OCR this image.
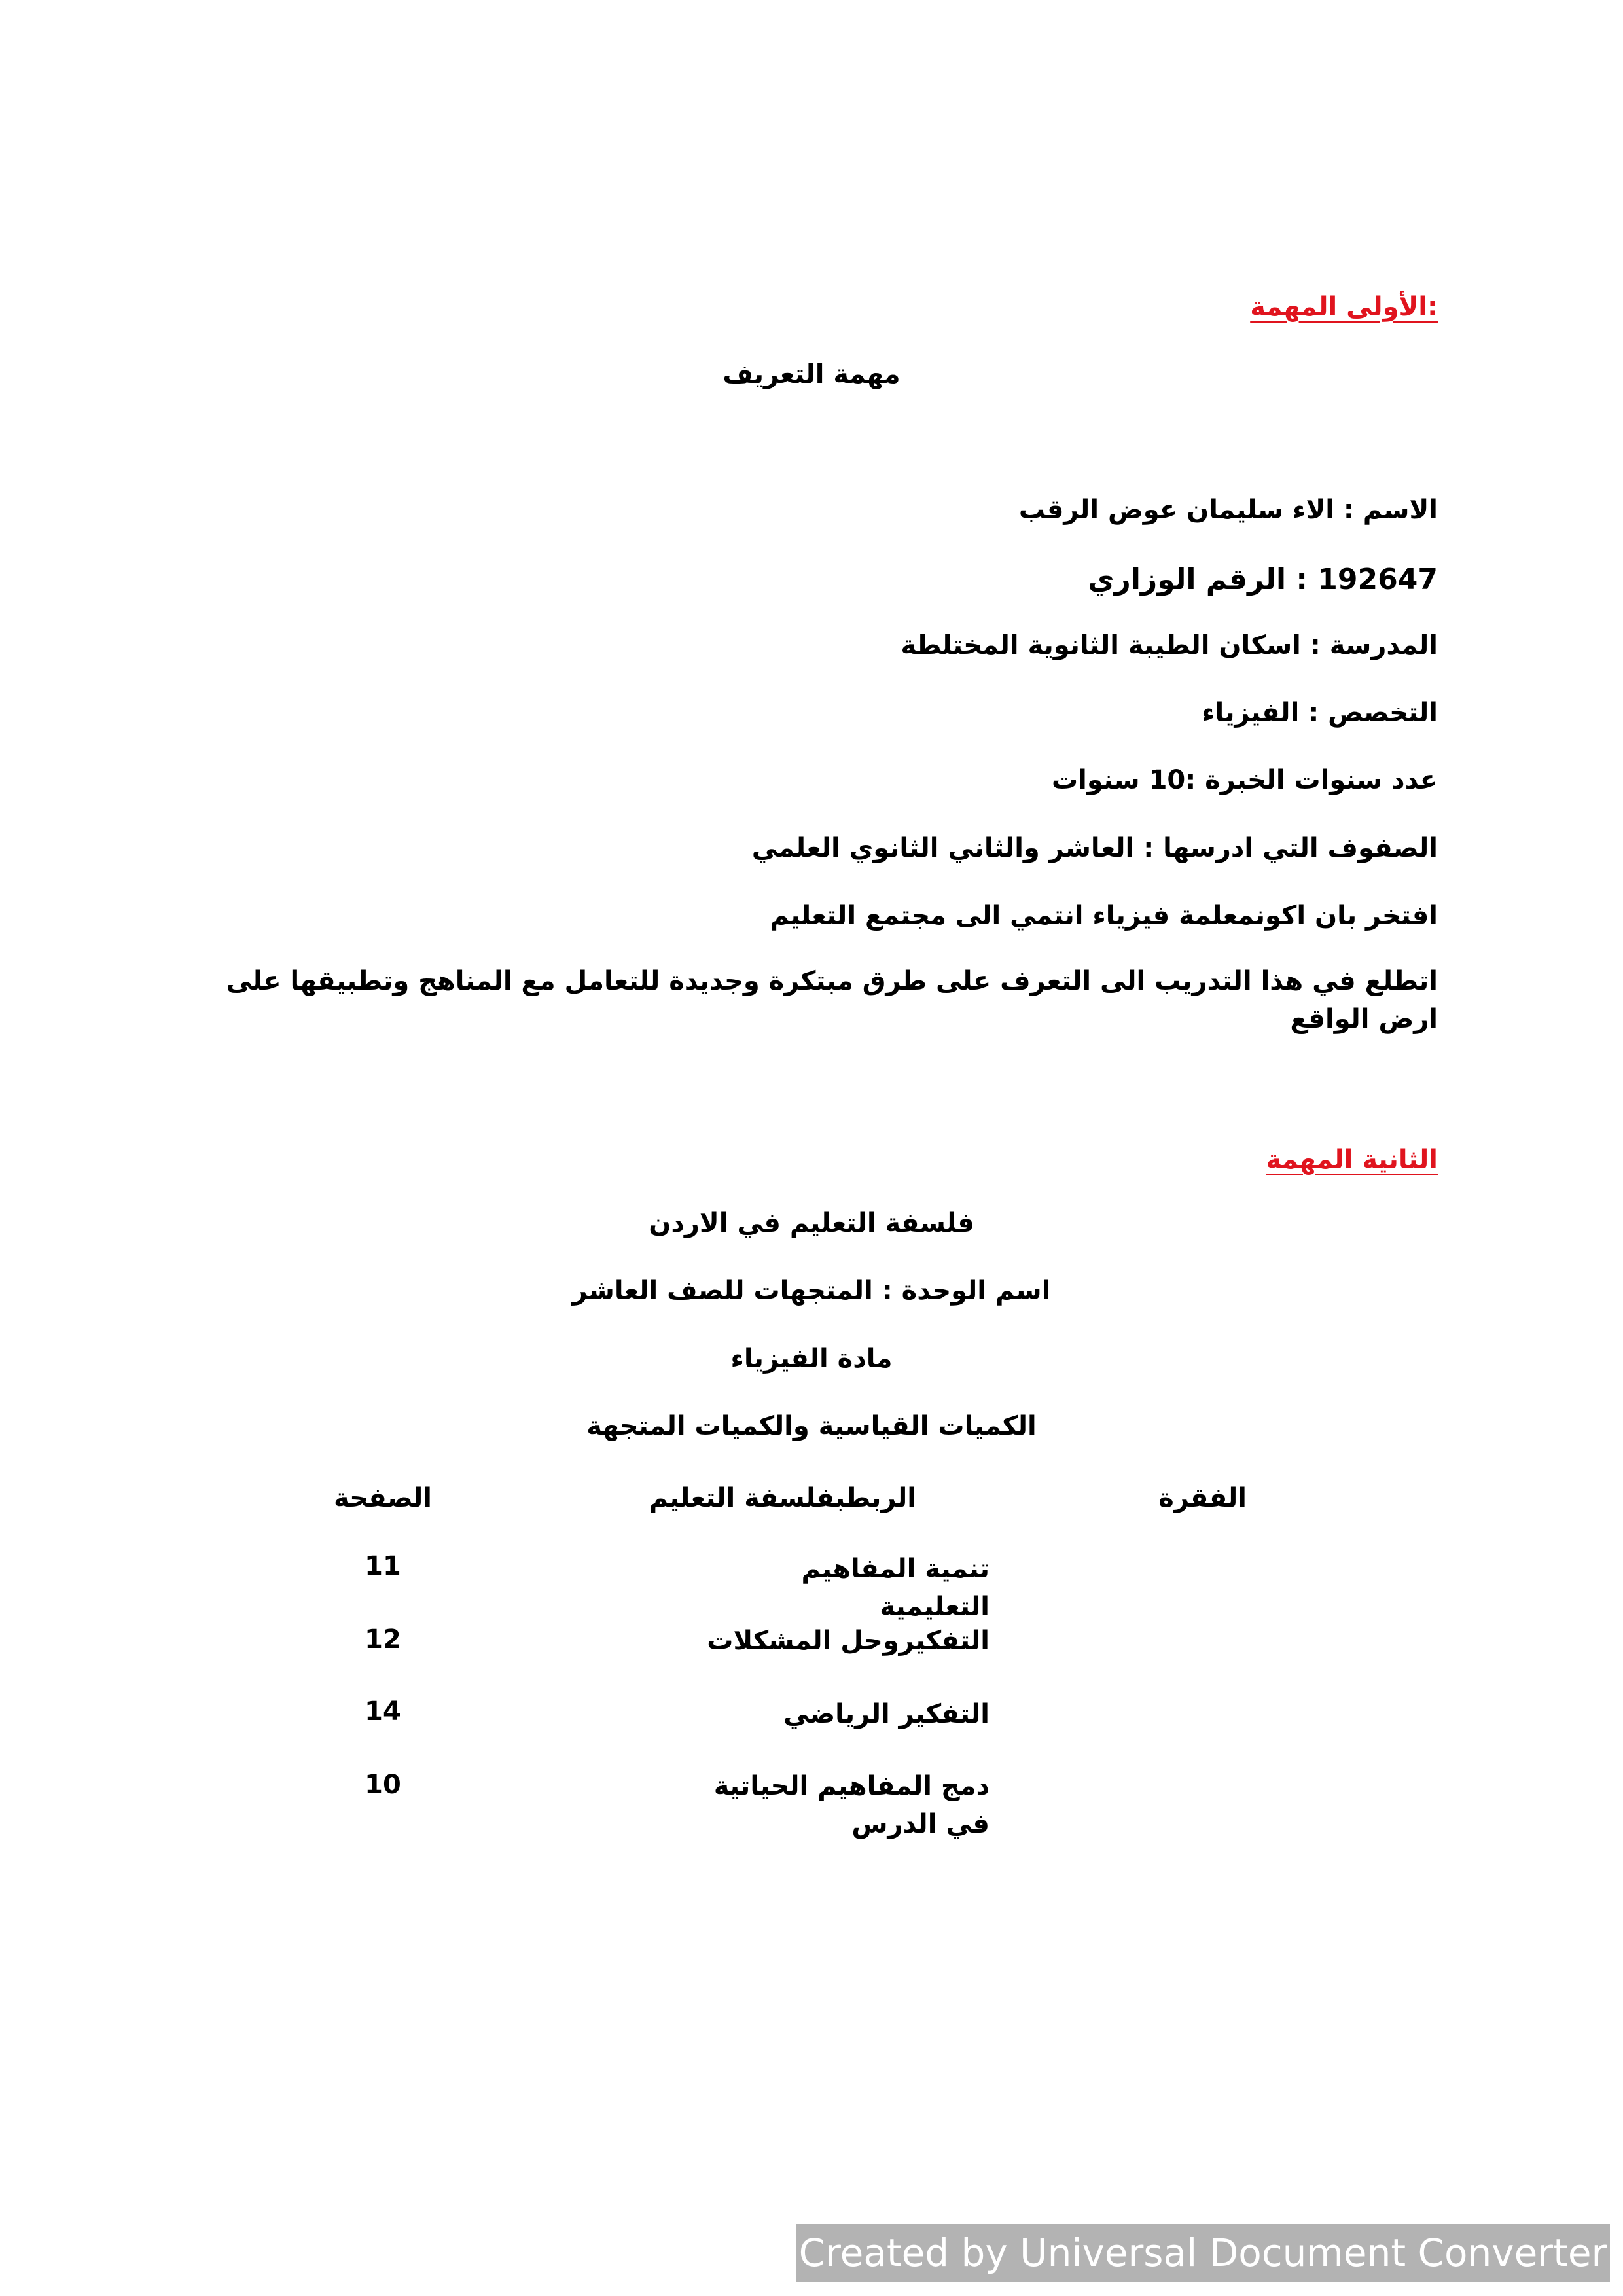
:الأولى المهمة
مهمة التعريف
الاسم : الاء سليمان عوض الرقب
192647 : الرقم الوزاري
المدرسة : اسكان الطيبة الثانوية المختلطة
التخصص : الفيزياء
عدد سنوات الخبرة :10 سنوات
الصفوف التي ادرسها : العاشر والثاني الثانوي العلمي
افتخر بان اكونمعلمة فيزياء انتمي الى مجتمع التعليم
اتطلع في هذا التدريب الى التعرف على طرق مبتكرة وجديدة للتعامل مع المناهج وتطبيقها على ارض الواقع
الثانية المهمة
فلسفة التعليم في الاردن
اسم الوحدة : المتجهات للصف العاشر
مادة الفيزياء
الكميات القياسية والكميات المتجهة
الفقرة
الربطبفلسفة التعليم
الصفحة
تنمية المفاهيم التعليمية
11
التفكيروحل المشكلات
12
التفكير الرياضي
14
دمج المفاهيم الحياتية في الدرس
10
Created by Universal Document Converter
